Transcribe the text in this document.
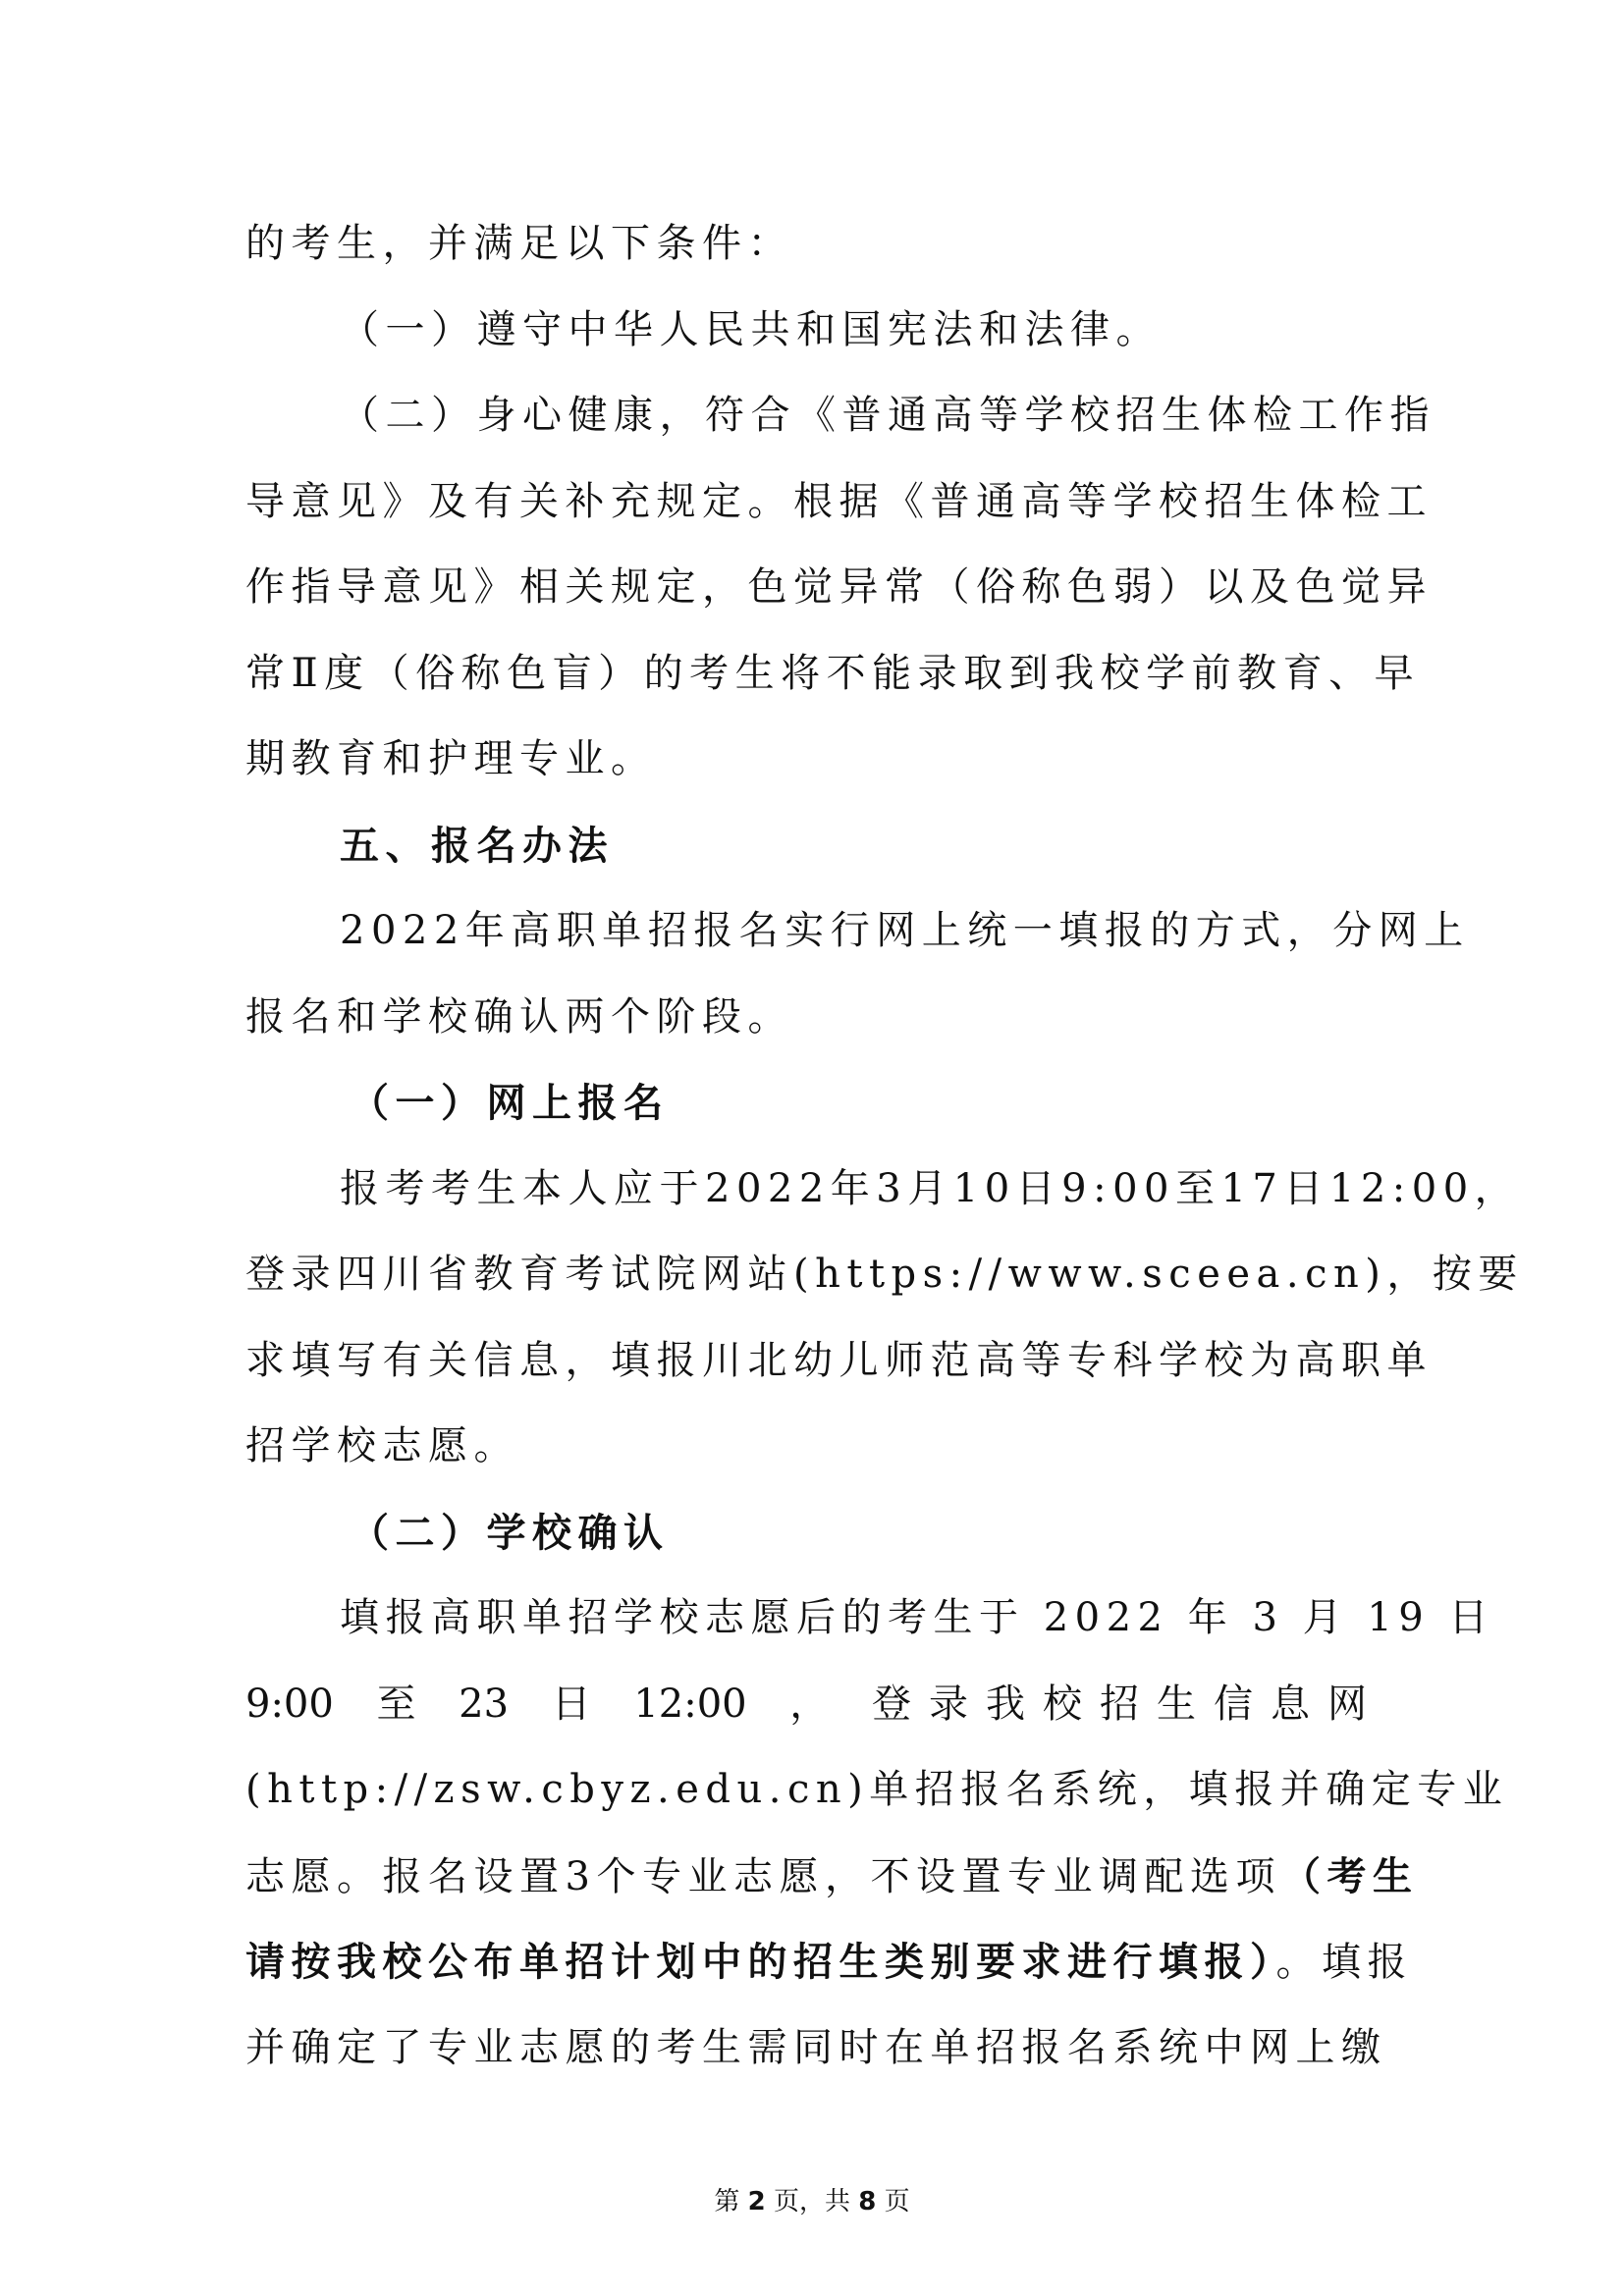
的考生，并满足以下条件：
（一）遵守中华人民共和国宪法和法律。
（二）身心健康，符合《普通高等学校招生体检工作指
导意见》及有关补充规定。根据《普通高等学校招生体检工
作指导意见》相关规定，色觉异常（俗称色弱）以及色觉异
常Ⅱ度（俗称色盲）的考生将不能录取到我校学前教育、早
期教育和护理专业。
五、报名办法
2022年高职单招报名实行网上统一填报的方式，分网上
报名和学校确认两个阶段。
（一）网上报名
报考考生本人应于2022年3月10日9:00至17日12:00，
登录四川省教育考试院网站(https://www.sceea.cn)，按要
求填写有关信息，填报川北幼儿师范高等专科学校为高职单
招学校志愿。
（二）学校确认
填报高职单招学校志愿后的考生于 2022 年 3 月 19 日
9:00 至 23 日 12:00 ， 登录我校招生信息网
(http://zsw.cbyz.edu.cn)单招报名系统，填报并确定专业
志愿。报名设置3个专业志愿，不设置专业调配选项（考生
请按我校公布单招计划中的招生类别要求进行填报）。填报
并确定了专业志愿的考生需同时在单招报名系统中网上缴
第 2 页，共 8 页
